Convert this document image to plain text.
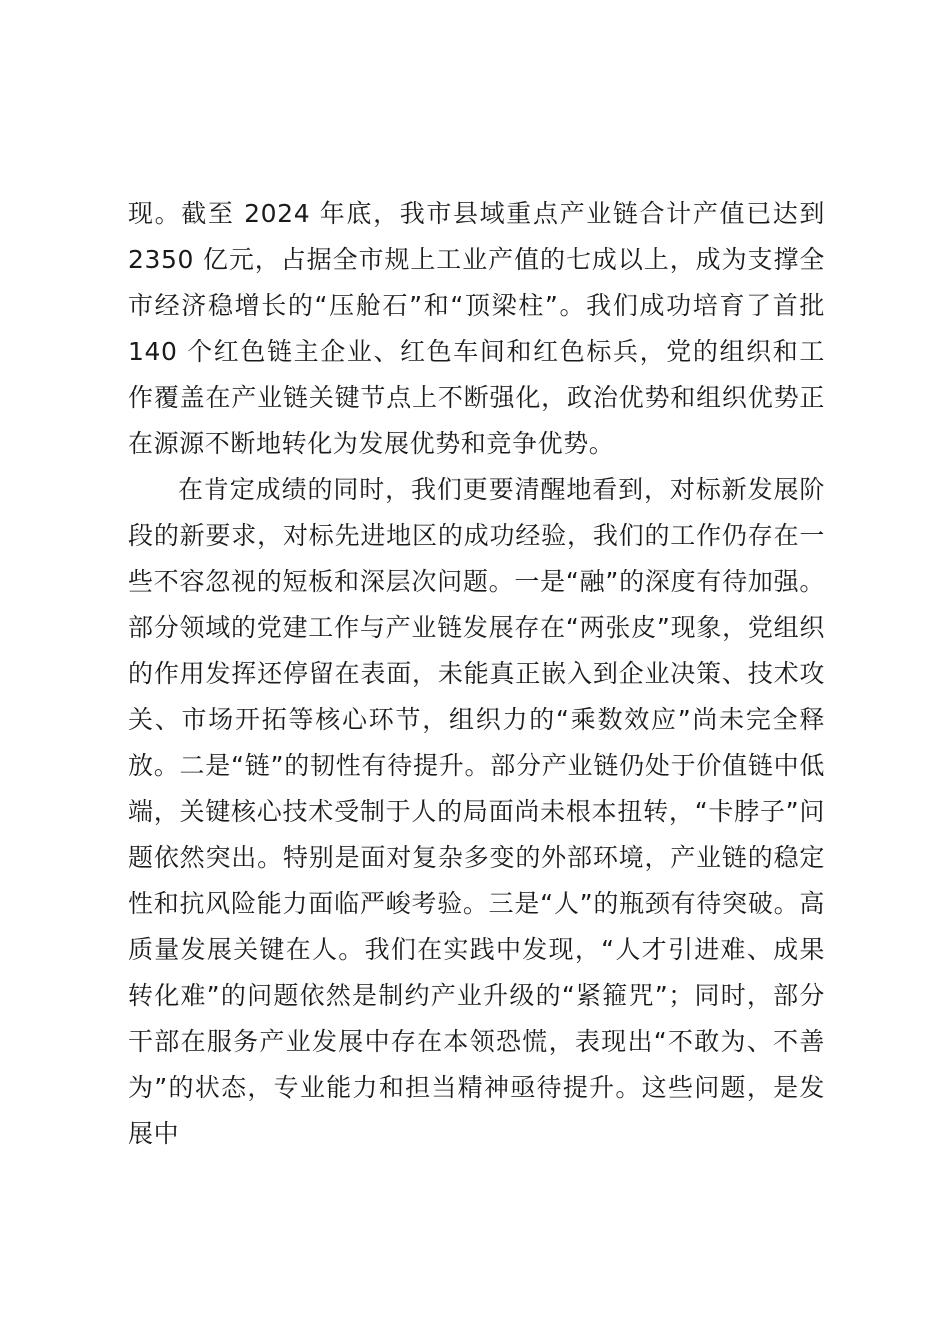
现。截至 2024 年底，我市县域重点产业链合计产值已达到 2350 亿元，占据全市规上工业产值的七成以上，成为支撑全市经济稳增长的“压舱石”和“顶梁柱”。我们成功培育了首批 140 个红色链主企业、红色车间和红色标兵，党的组织和工作覆盖在产业链关键节点上不断强化，政治优势和组织优势正在源源不断地转化为发展优势和竞争优势。

在肯定成绩的同时，我们更要清醒地看到，对标新发展阶段的新要求，对标先进地区的成功经验，我们的工作仍存在一些不容忽视的短板和深层次问题。一是“融”的深度有待加强。部分领域的党建工作与产业链发展存在“两张皮”现象，党组织的作用发挥还停留在表面，未能真正嵌入到企业决策、技术攻关、市场开拓等核心环节，组织力的“乘数效应”尚未完全释放。二是“链”的韧性有待提升。部分产业链仍处于价值链中低端，关键核心技术受制于人的局面尚未根本扭转，“卡脖子”问题依然突出。特别是面对复杂多变的外部环境，产业链的稳定性和抗风险能力面临严峻考验。三是“人”的瓶颈有待突破。高质量发展关键在人。我们在实践中发现，“人才引进难、成果转化难”的问题依然是制约产业升级的“紧箍咒”；同时，部分干部在服务产业发展中存在本领恐慌，表现出“不敢为、不善为”的状态，专业能力和担当精神亟待提升。这些问题，是发展中
